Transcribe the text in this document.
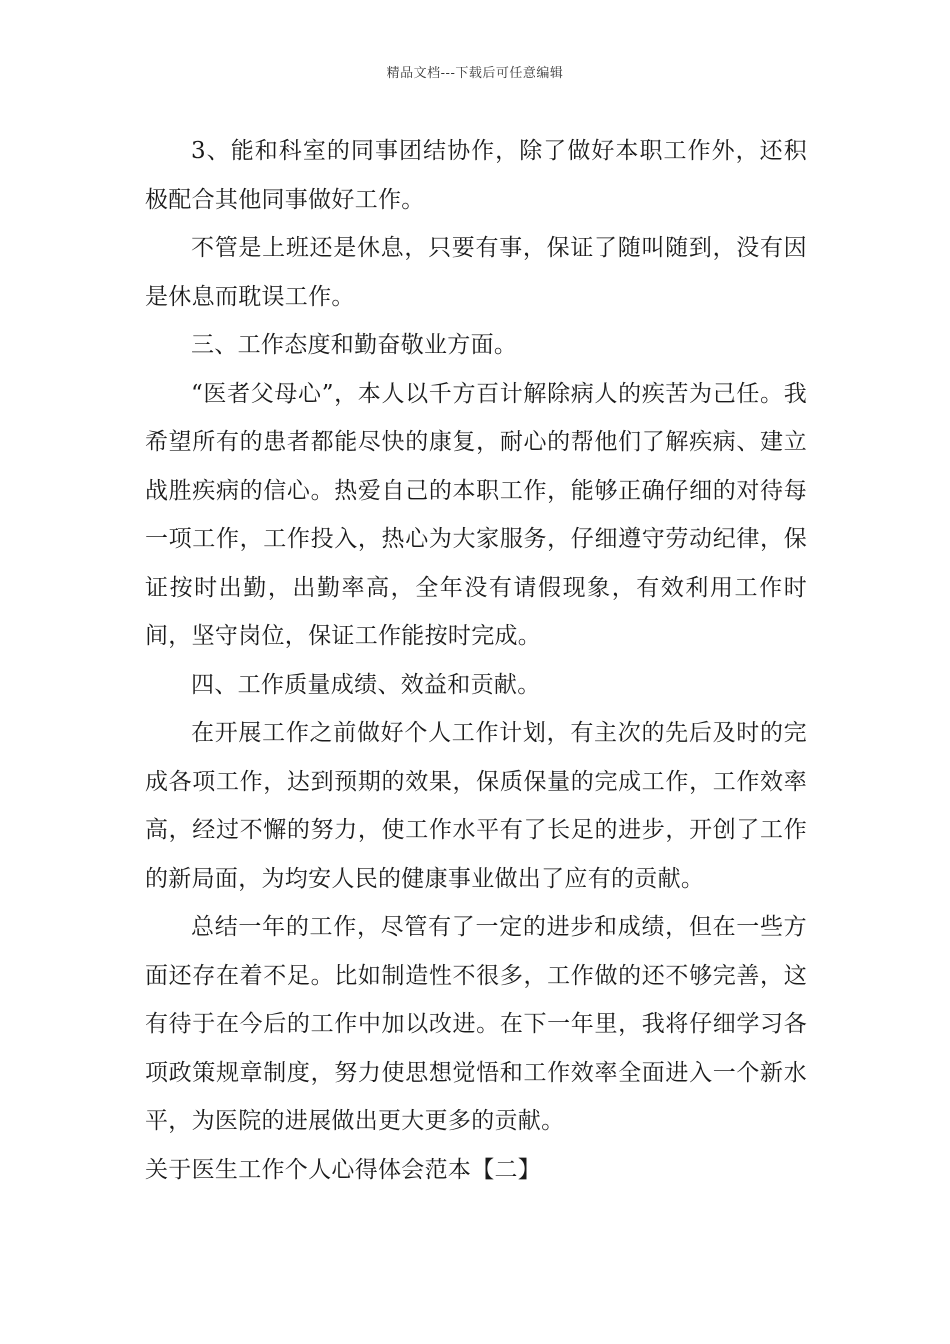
精品文档---下载后可任意编辑

3、能和科室的同事团结协作，除了做好本职工作外，还积极配合其他同事做好工作。

不管是上班还是休息，只要有事，保证了随叫随到，没有因是休息而耽误工作。

三、工作态度和勤奋敬业方面。

“医者父母心”，本人以千方百计解除病人的疾苦为己任。我希望所有的患者都能尽快的康复，耐心的帮他们了解疾病、建立战胜疾病的信心。热爱自己的本职工作，能够正确仔细的对待每一项工作，工作投入，热心为大家服务，仔细遵守劳动纪律，保证按时出勤，出勤率高，全年没有请假现象，有效利用工作时间，坚守岗位，保证工作能按时完成。

四、工作质量成绩、效益和贡献。

在开展工作之前做好个人工作计划，有主次的先后及时的完成各项工作，达到预期的效果，保质保量的完成工作，工作效率高，经过不懈的努力，使工作水平有了长足的进步，开创了工作的新局面，为均安人民的健康事业做出了应有的贡献。

总结一年的工作，尽管有了一定的进步和成绩，但在一些方面还存在着不足。比如制造性不很多，工作做的还不够完善，这有待于在今后的工作中加以改进。在下一年里，我将仔细学习各项政策规章制度，努力使思想觉悟和工作效率全面进入一个新水平，为医院的进展做出更大更多的贡献。

关于医生工作个人心得体会范本【二】
